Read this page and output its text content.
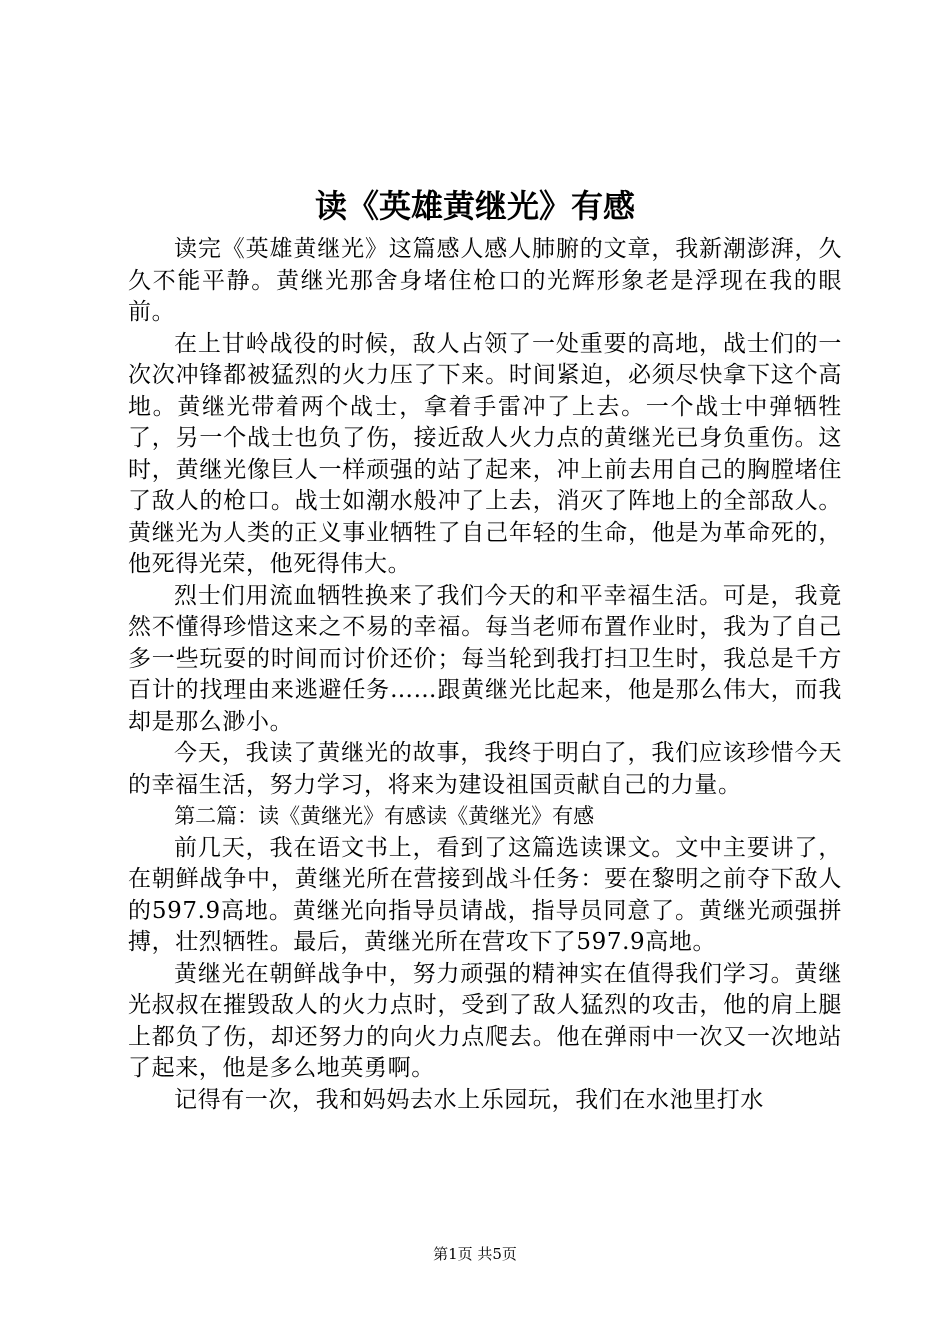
读《英雄黄继光》有感

读完《英雄黄继光》这篇感人感人肺腑的文章，我新潮澎湃，久久不能平静。黄继光那舍身堵住枪口的光辉形象老是浮现在我的眼前。

在上甘岭战役的时候，敌人占领了一处重要的高地，战士们的一次次冲锋都被猛烈的火力压了下来。时间紧迫，必须尽快拿下这个高地。黄继光带着两个战士，拿着手雷冲了上去。一个战士中弹牺牲了，另一个战士也负了伤，接近敌人火力点的黄继光已身负重伤。这时，黄继光像巨人一样顽强的站了起来，冲上前去用自己的胸膛堵住了敌人的枪口。战士如潮水般冲了上去，消灭了阵地上的全部敌人。黄继光为人类的正义事业牺牲了自己年轻的生命，他是为革命死的，他死得光荣，他死得伟大。

烈士们用流血牺牲换来了我们今天的和平幸福生活。可是，我竟然不懂得珍惜这来之不易的幸福。每当老师布置作业时，我为了自己多一些玩耍的时间而讨价还价；每当轮到我打扫卫生时，我总是千方百计的找理由来逃避任务……跟黄继光比起来，他是那么伟大，而我却是那么渺小。

今天，我读了黄继光的故事，我终于明白了，我们应该珍惜今天的幸福生活，努力学习，将来为建设祖国贡献自己的力量。

第二篇：读《黄继光》有感读《黄继光》有感

前几天，我在语文书上，看到了这篇选读课文。文中主要讲了，在朝鲜战争中，黄继光所在营接到战斗任务：要在黎明之前夺下敌人的597.9高地。黄继光向指导员请战，指导员同意了。黄继光顽强拼搏，壮烈牺牲。最后，黄继光所在营攻下了597.9高地。

黄继光在朝鲜战争中，努力顽强的精神实在值得我们学习。黄继光叔叔在摧毁敌人的火力点时，受到了敌人猛烈的攻击，他的肩上腿上都负了伤，却还努力的向火力点爬去。他在弹雨中一次又一次地站了起来，他是多么地英勇啊。

记得有一次，我和妈妈去水上乐园玩，我们在水池里打水

第1页 共5页
